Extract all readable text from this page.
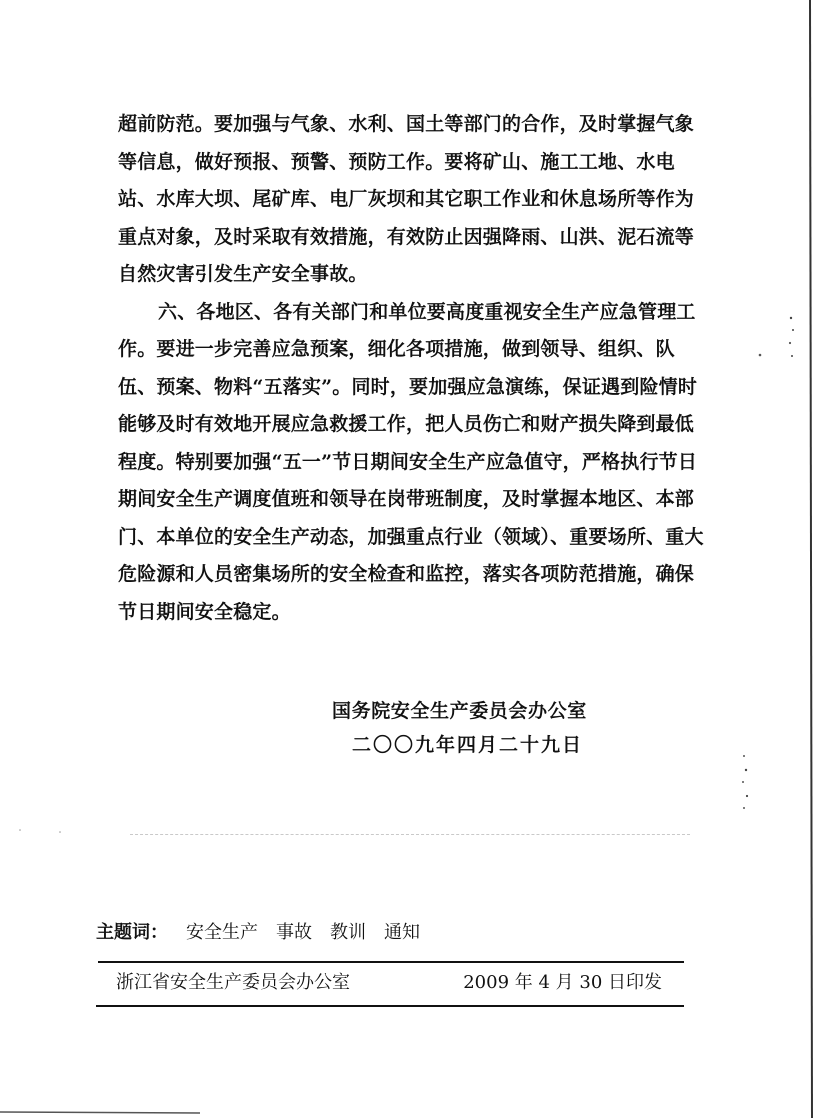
超前防范。要加强与气象、水利、国土等部门的合作，及时掌握气象等信息，做好预报、预警、预防工作。要将矿山、施工工地、水电站、水库大坝、尾矿库、电厂灰坝和其它职工作业和休息场所等作为重点对象，及时采取有效措施，有效防止因强降雨、山洪、泥石流等自然灾害引发生产安全事故。

六、各地区、各有关部门和单位要高度重视安全生产应急管理工作。要进一步完善应急预案，细化各项措施，做到领导、组织、队伍、预案、物料“五落实”。同时，要加强应急演练，保证遇到险情时能够及时有效地开展应急救援工作，把人员伤亡和财产损失降到最低程度。特别要加强“五一”节日期间安全生产应急值守，严格执行节日期间安全生产调度值班和领导在岗带班制度，及时掌握本地区、本部门、本单位的安全生产动态，加强重点行业（领域）、重要场所、重大危险源和人员密集场所的安全检查和监控，落实各项防范措施，确保节日期间安全稳定。

国务院安全生产委员会办公室
二〇〇九年四月二十九日
主题词： 安全生产 事故 教训 通知
浙江省安全生产委员会办公室	2009 年 4 月 30 日印发
